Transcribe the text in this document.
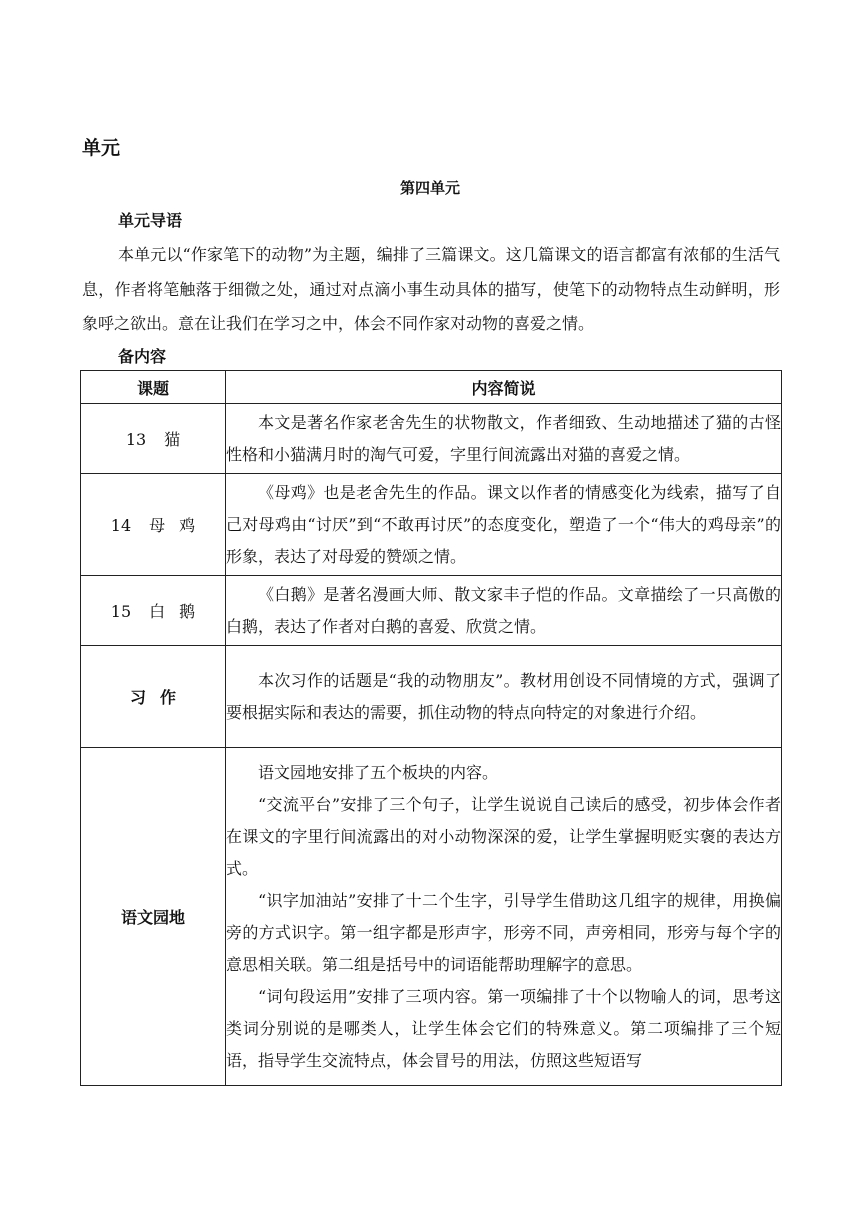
单元
第四单元
单元导语

本单元以“作家笔下的动物”为主题，编排了三篇课文。这几篇课文的语言都富有浓郁的生活气息，作者将笔触落于细微之处，通过对点滴小事生动具体的描写，使笔下的动物特点生动鲜明，形象呼之欲出。意在让我们在学习之中，体会不同作家对动物的喜爱之情。

备内容
课题	内容简说
13 猫	本文是著名作家老舍先生的状物散文，作者细致、生动地描述了猫的古怪性格和小猫满月时的淘气可爱，字里行间流露出对猫的喜爱之情。

14 母 鸡	《母鸡》也是老舍先生的作品。课文以作者的情感变化为线索，描写了自己对母鸡由“讨厌”到“不敢再讨厌”的态度变化，塑造了一个“伟大的鸡母亲”的形象，表达了对母爱的赞颂之情。

15 白 鹅	《白鹅》是著名漫画大师、散文家丰子恺的作品。文章描绘了一只高傲的白鹅，表达了作者对白鹅的喜爱、欣赏之情。

习 作	本次习作的话题是“我的动物朋友”。教材用创设不同情境的方式，强调了要根据实际和表达的需要，抓住动物的特点向特定的对象进行介绍。

语文园地	语文园地安排了五个板块的内容。

“交流平台”安排了三个句子，让学生说说自己读后的感受，初步体会作者在课文的字里行间流露出的对小动物深深的爱，让学生掌握明贬实褒的表达方式。

“识字加油站”安排了十二个生字，引导学生借助这几组字的规律，用换偏旁的方式识字。第一组字都是形声字，形旁不同，声旁相同，形旁与每个字的意思相关联。第二组是括号中的词语能帮助理解字的意思。

“词句段运用”安排了三项内容。第一项编排了十个以物喻人的词，思考这类词分别说的是哪类人，让学生体会它们的特殊意义。第二项编排了三个短语，指导学生交流特点，体会冒号的用法，仿照这些短语写
